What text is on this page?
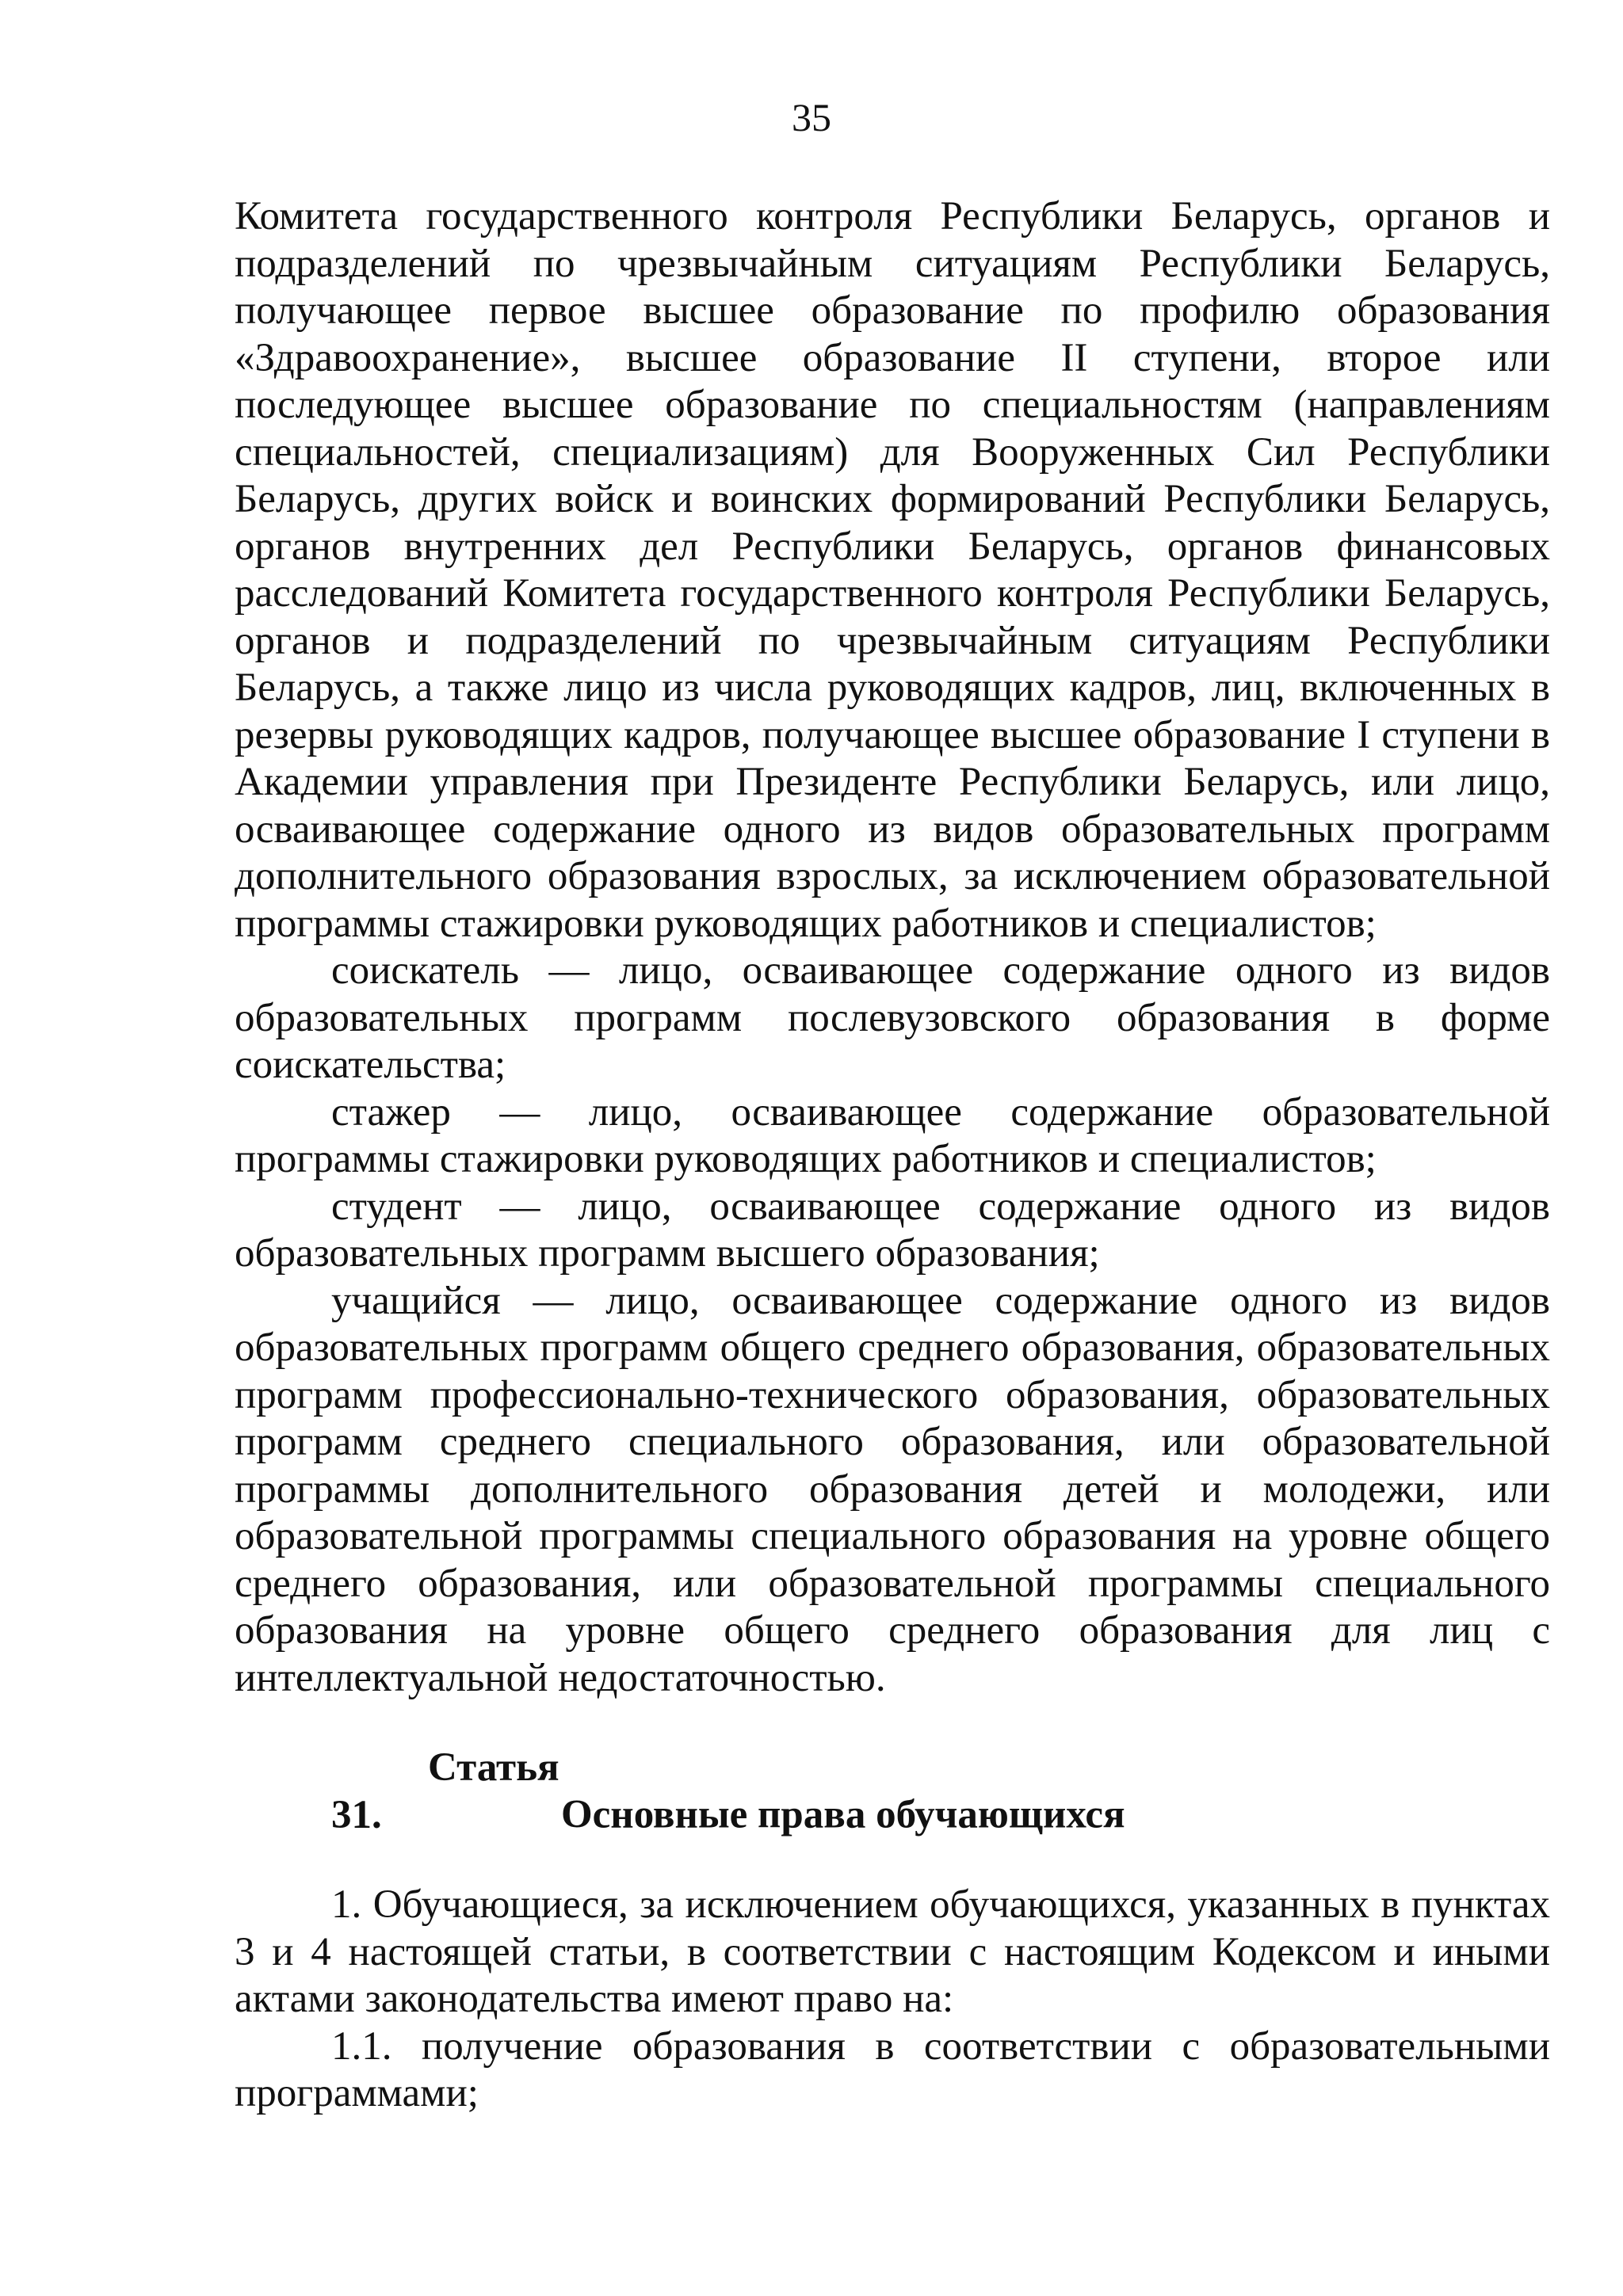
35

Комитета государственного контроля Республики Беларусь, органов и подразделений по чрезвычайным ситуациям Республики Беларусь, получающее первое высшее образование по профилю образования «Здравоохранение», высшее образование II ступени, второе или последующее высшее образование по специальностям (направлениям специальностей, специализациям) для Вооруженных Сил Республики Беларусь, других войск и воинских формирований Республики Беларусь, органов внутренних дел Республики Беларусь, органов финансовых расследований Комитета государственного контроля Республики Беларусь, органов и подразделений по чрезвычайным ситуациям Республики Беларусь, а также лицо из числа руководящих кадров, лиц, включенных в резервы руководящих кадров, получающее высшее образование I ступени в Академии управления при Президенте Республики Беларусь, или лицо, осваивающее содержание одного из видов образовательных программ дополнительного образования взрослых, за исключением образовательной программы стажировки руководящих работников и специалистов;

соискатель — лицо, осваивающее содержание одного из видов образовательных программ послевузовского образования в форме соискательства;

стажер — лицо, осваивающее содержание образовательной программы стажировки руководящих работников и специалистов;

студент — лицо, осваивающее содержание одного из видов образовательных программ высшего образования;

учащийся — лицо, осваивающее содержание одного из видов образовательных программ общего среднего образования, образовательных программ профессионально-технического образования, образовательных программ среднего специального образования, или образовательной программы дополнительного образования детей и молодежи, или образовательной программы специального образования на уровне общего среднего образования, или образовательной программы специального образования на уровне общего среднего образования для лиц с интеллектуальной недостаточностью.

Статья 31.	Основные права обучающихся

1. Обучающиеся, за исключением обучающихся, указанных в пунктах 3 и 4 настоящей статьи, в соответствии с настоящим Кодексом и иными актами законодательства имеют право на:

1.1. получение образования в соответствии с образовательными программами;
